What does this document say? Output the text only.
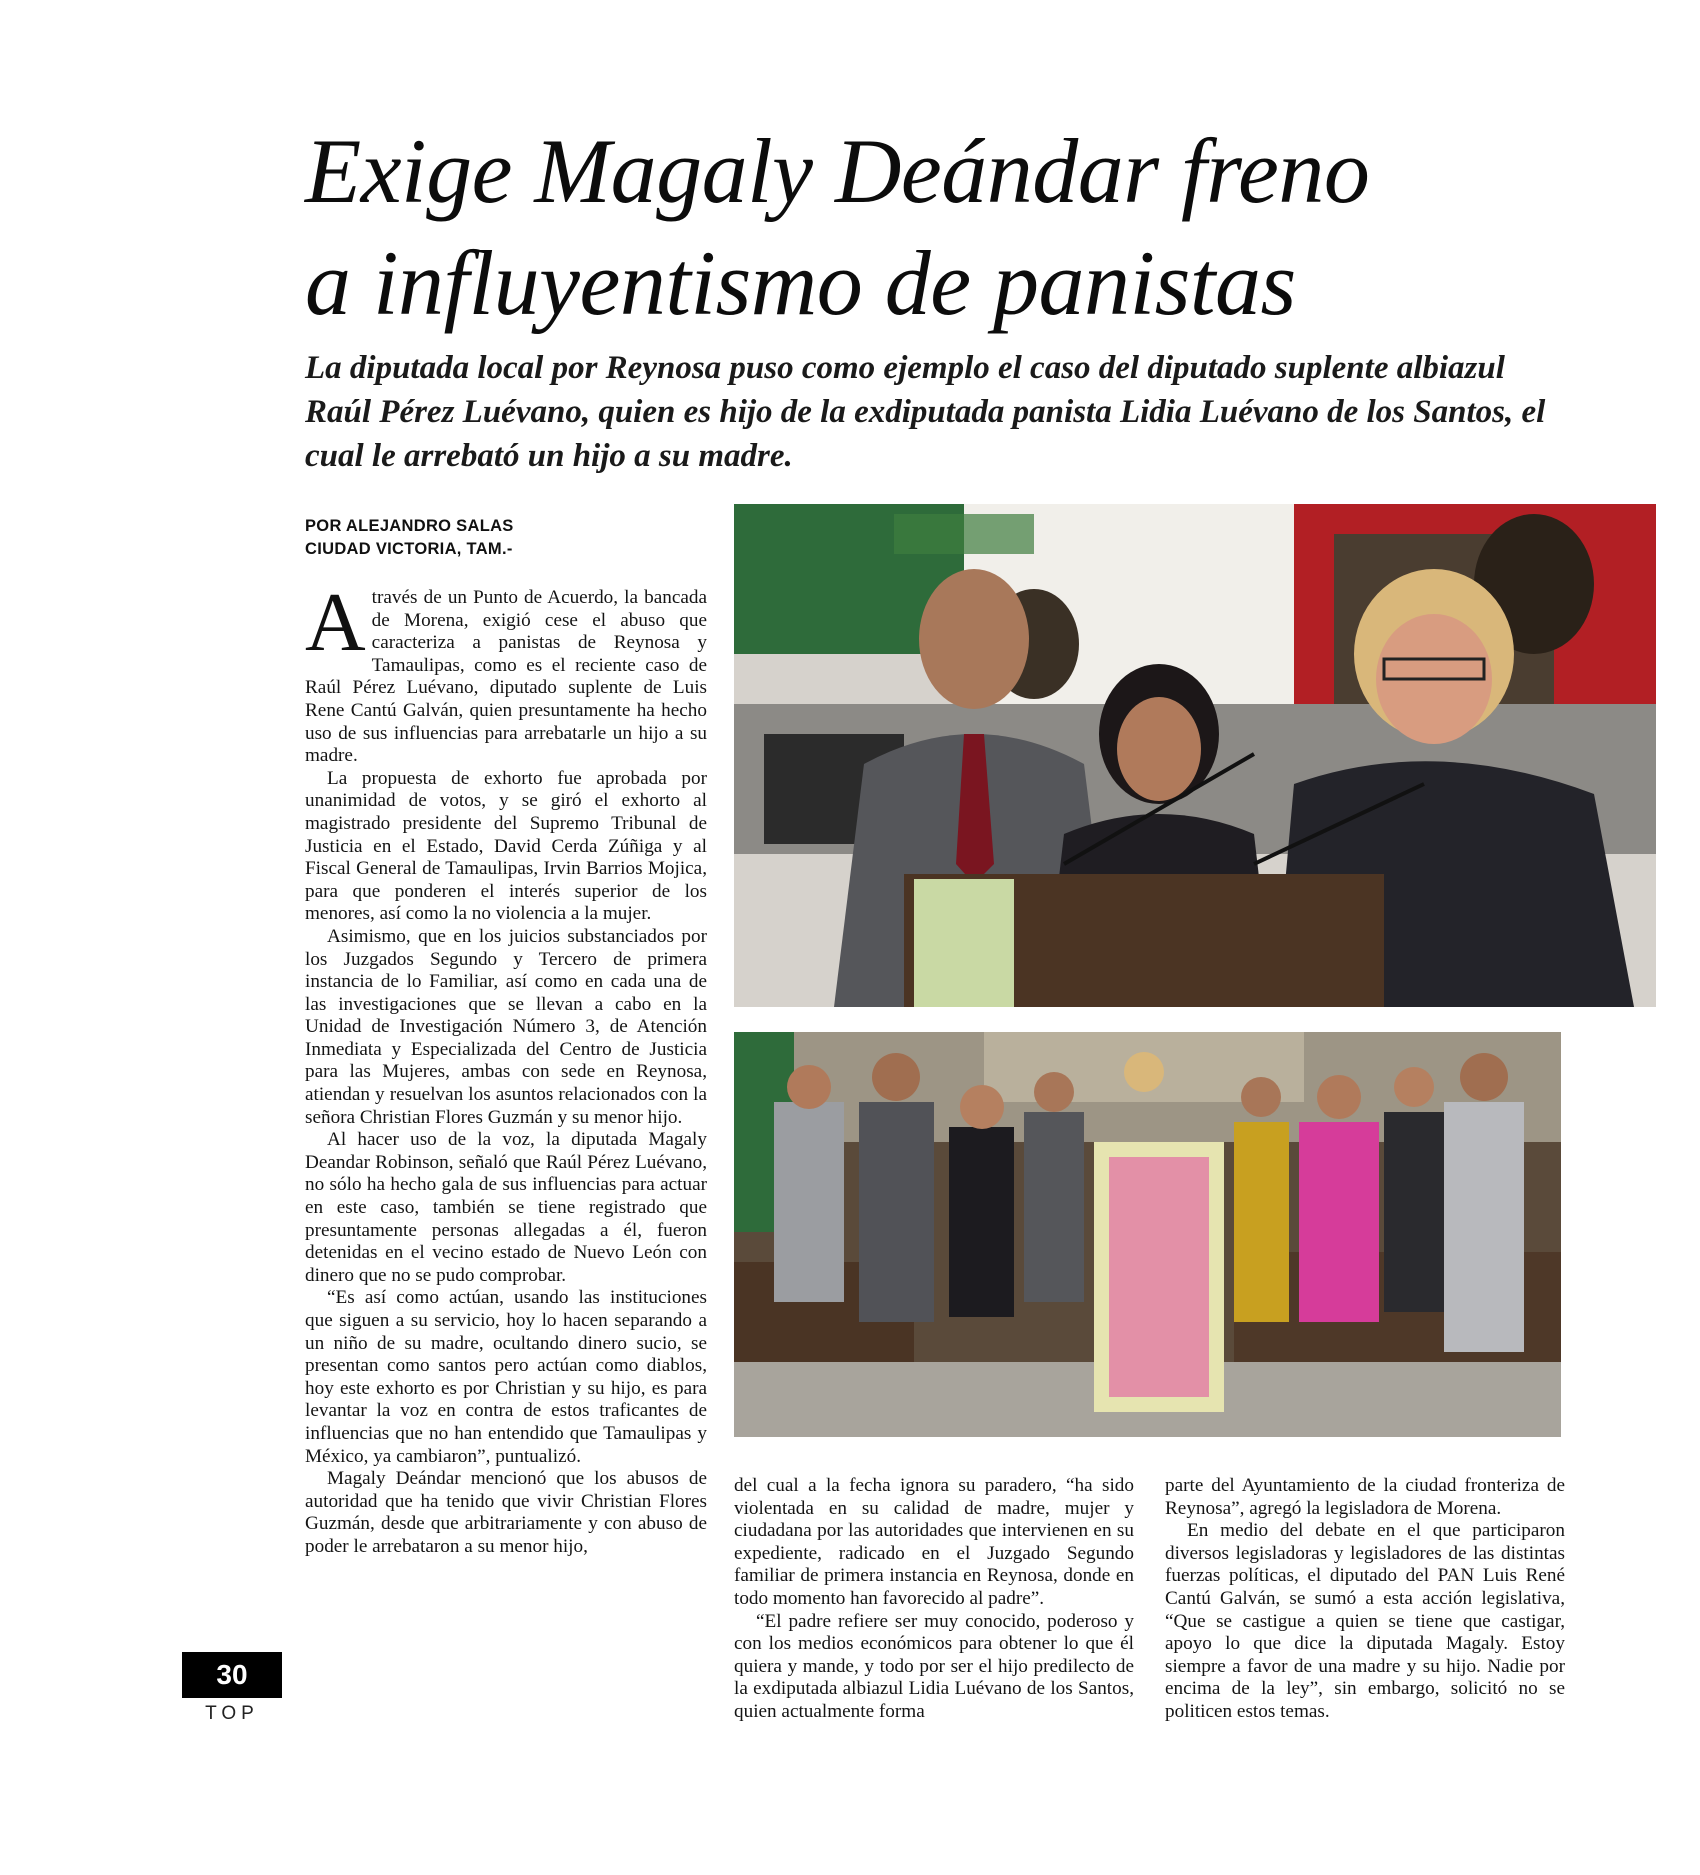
Exige Magaly Deándar freno
a influyentismo de panistas

La diputada local por Reynosa puso como ejemplo el caso del diputado suplente albiazul Raúl Pérez Luévano, quien es hijo de la exdiputada panista Lidia Luévano de los Santos, el cual le arrebató un hijo a su madre.

POR ALEJANDRO SALAS
CIUDAD VICTORIA, TAM.-

Através de un Punto de Acuerdo, la bancada de Morena, exigió cese el abuso que caracteriza a panistas de Reynosa y Tamaulipas, como es el reciente caso de Raúl Pérez Luévano, diputado suplente de Luis Rene Cantú Galván, quien presuntamente ha hecho uso de sus influencias para arrebatarle un hijo a su madre.

La propuesta de exhorto fue aprobada por unanimidad de votos, y se giró el exhorto al magistrado presidente del Supremo Tribunal de Justicia en el Estado, David Cerda Zúñiga y al Fiscal General de Tamaulipas, Irvin Barrios Mojica, para que ponderen el interés superior de los menores, así como la no violencia a la mujer.

Asimismo, que en los juicios substanciados por los Juzgados Segundo y Tercero de primera instancia de lo Familiar, así como en cada una de las investigaciones que se llevan a cabo en la Unidad de Investigación Número 3, de Atención Inmediata y Especializada del Centro de Justicia para las Mujeres, ambas con sede en Reynosa, atiendan y resuelvan los asuntos relacionados con la señora Christian Flores Guzmán y su menor hijo.

Al hacer uso de la voz, la diputada Magaly Deandar Robinson, señaló que Raúl Pérez Luévano, no sólo ha hecho gala de sus influencias para actuar en este caso, también se tiene registrado que presuntamente personas allegadas a él, fueron detenidas en el vecino estado de Nuevo León con dinero que no se pudo comprobar.

“Es así como actúan, usando las instituciones que siguen a su servicio, hoy lo hacen separando a un niño de su madre, ocultando dinero sucio, se presentan como santos pero actúan como diablos, hoy este exhorto es por Christian y su hijo, es para levantar la voz en contra de estos traficantes de influencias que no han entendido que Tamaulipas y México, ya cambiaron”, puntualizó.

Magaly Deándar mencionó que los abusos de autoridad que ha tenido que vivir Christian Flores Guzmán, desde que arbitrariamente y con abuso de poder le arrebataron a su menor hijo,

del cual a la fecha ignora su paradero, “ha sido violentada en su calidad de madre, mujer y ciudadana por las autoridades que intervienen en su expediente, radicado en el Juzgado Segundo familiar de primera instancia en Reynosa, donde en todo momento han favorecido al padre”.

“El padre refiere ser muy conocido, poderoso y con los medios económicos para obtener lo que él quiera y mande, y todo por ser el hijo predilecto de la exdiputada albiazul Lidia Luévano de los Santos, quien actualmente forma

parte del Ayuntamiento de la ciudad fronteriza de Reynosa”, agregó la legisladora de Morena.

En medio del debate en el que participaron diversos legisladoras y legisladores de las distintas fuerzas políticas, el diputado del PAN Luis René Cantú Galván, se sumó a esta acción legislativa, “Que se castigue a quien se tiene que castigar, apoyo lo que dice la diputada Magaly. Estoy siempre a favor de una madre y su hijo. Nadie por encima de la ley”, sin embargo, solicitó no se politicen estos temas.

30
TOP
